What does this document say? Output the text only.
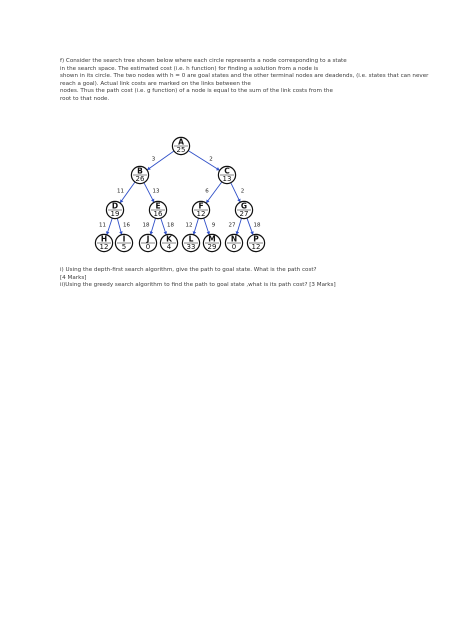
f) Consider the search tree shown below where each circle represents a node corresponding to a state
in the search space. The estimated cost (i.e. h function) for finding a solution from a node is
shown in its circle. The two nodes with h = 0 are goal states and the other terminal nodes are deadends, (i.e. states that can never
reach a goal). Actual link costs are marked on the links between the
nodes. Thus the path cost (i.e. g function) of a node is equal to the sum of the link costs from the
root to that node.
3	2
11	13	6	2
11	16 18	18 12	9 27	18
A
25
B
26
C
13
D
19
E
16
F
12
G
27
H
12
I
5
J
0
K
4
L
33
M
29
N
0
P
12
i) Using the depth-first search algorithm, give the path to goal state. What is the path cost?
[4 Marks]
ii)Using the greedy search algorithm to find the path to goal state ,what is its path cost? [3 Marks]
